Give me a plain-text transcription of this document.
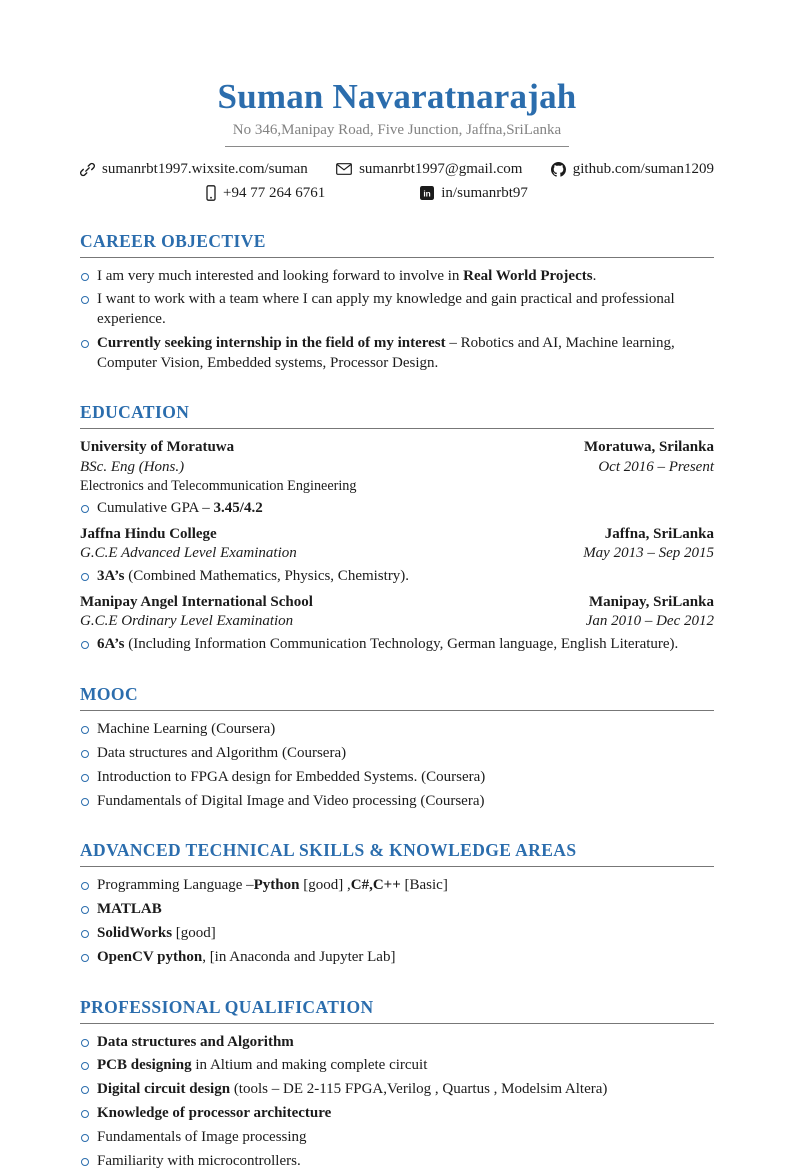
Suman Navaratnarajah
No 346,Manipay Road, Five Junction, Jaffna,SriLanka
sumanrbt1997.wixsite.com/suman	sumanrbt1997@gmail.com	github.com/suman1209
+94 77 264 6761	in in/sumanrbt97
CAREER OBJECTIVE
I am very much interested and looking forward to involve in Real World Projects.
I want to work with a team where I can apply my knowledge and gain practical and professional experience.
Currently seeking internship in the field of my interest – Robotics and AI, Machine learning, Computer Vision, Embedded systems, Processor Design.
EDUCATION
University of Moratuwa	Moratuwa, Srilanka
BSc. Eng (Hons.)	Oct 2016 – Present
Electronics and Telecommunication Engineering
Cumulative GPA – 3.45/4.2
Jaffna Hindu College	Jaffna, SriLanka
G.C.E Advanced Level Examination	May 2013 – Sep 2015
3A’s (Combined Mathematics, Physics, Chemistry).
Manipay Angel International School	Manipay, SriLanka
G.C.E Ordinary Level Examination	Jan 2010 – Dec 2012
6A’s (Including Information Communication Technology, German language, English Literature).
MOOC
Machine Learning (Coursera)
Data structures and Algorithm (Coursera)
Introduction to FPGA design for Embedded Systems. (Coursera)
Fundamentals of Digital Image and Video processing (Coursera)
ADVANCED TECHNICAL SKILLS & KNOWLEDGE AREAS
Programming Language –Python [good] ,C#,C++ [Basic]
MATLAB
SolidWorks [good]
OpenCV python, [in Anaconda and Jupyter Lab]
PROFESSIONAL QUALIFICATION
Data structures and Algorithm
PCB designing in Altium and making complete circuit
Digital circuit design (tools – DE 2-115 FPGA,Verilog , Quartus , Modelsim Altera)
Knowledge of processor architecture
Fundamentals of Image processing
Familiarity with microcontrollers.
